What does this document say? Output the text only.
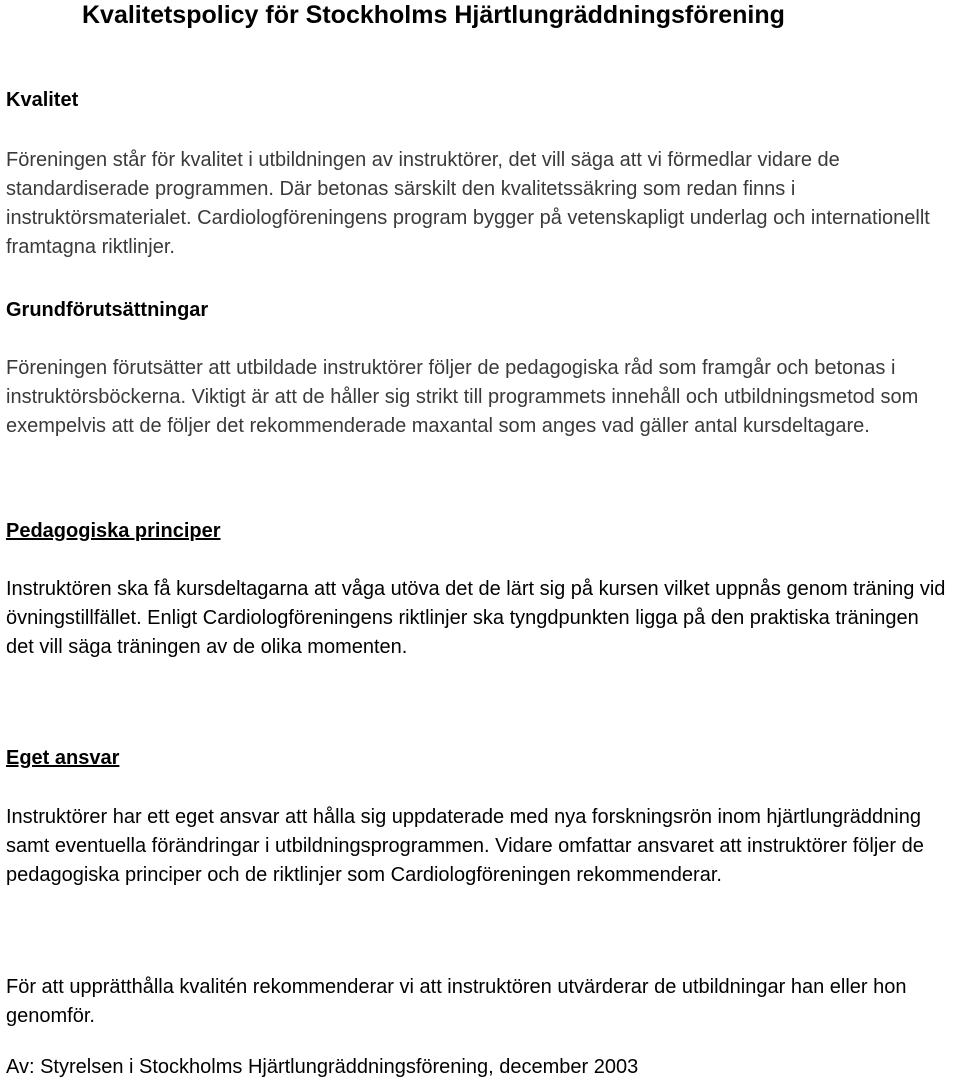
Kvalitetspolicy för Stockholms Hjärtlungräddningsförening
Kvalitet

Föreningen står för kvalitet i utbildningen av instruktörer, det vill säga att vi förmedlar vidare de standardiserade programmen. Där betonas särskilt den kvalitetssäkring som redan finns i instruktörsmaterialet. Cardiologföreningens program bygger på vetenskapligt underlag och internationellt framtagna riktlinjer.

Grundförutsättningar

Föreningen förutsätter att utbildade instruktörer följer de pedagogiska råd som framgår och betonas i instruktörsböckerna. Viktigt är att de håller sig strikt till programmets innehåll och utbildningsmetod som exempelvis att de följer det rekommenderade maxantal som anges vad gäller antal kursdeltagare.

Pedagogiska principer

Instruktören ska få kursdeltagarna att våga utöva det de lärt sig på kursen vilket uppnås genom träning vid övningstillfället. Enligt Cardiologföreningens riktlinjer ska tyngdpunkten ligga på den praktiska träningen det vill säga träningen av de olika momenten.

Eget ansvar

Instruktörer har ett eget ansvar att hålla sig uppdaterade med nya forskningsrön inom hjärtlungräddning samt eventuella förändringar i utbildningsprogrammen. Vidare omfattar ansvaret att instruktörer följer de pedagogiska principer och de riktlinjer som Cardiologföreningen rekommenderar.

För att upprätthålla kvalitén rekommenderar vi att instruktören utvärderar de utbildningar han eller hon genomför.

Av: Styrelsen i Stockholms Hjärtlungräddningsförening, december 2003
